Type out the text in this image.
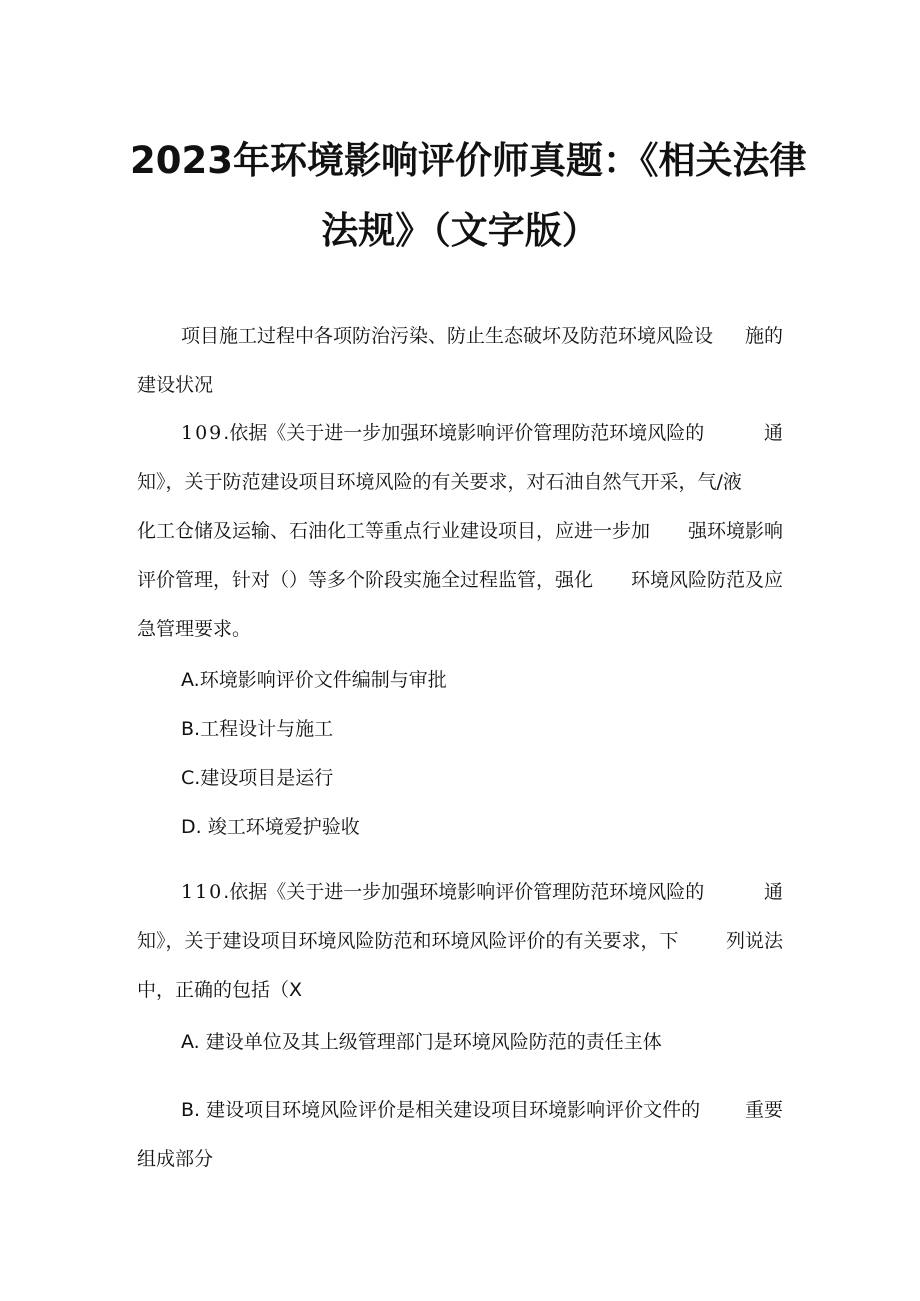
2023年环境影响评价师真题：《相关法律
法规》（文字版）
项目施工过程中各项防治污染、防止生态破坏及防范环境风险设 施的
建设状况
109.依据《关于进一步加强环境影响评价管理防范环境风险的	通
知》，关于防范建设项目环境风险的有关要求，对石油自然气开采，气/液
化工仓储及运输、石油化工等重点行业建设项目，应进一步加 强环境影响
评价管理，针对（）等多个阶段实施全过程监管，强化 环境风险防范及应
急管理要求。
A.环境影响评价文件编制与审批
B.工程设计与施工
C.建设项目是运行
D. 竣工环境爱护验收
110.依据《关于进一步加强环境影响评价管理防范环境风险的	通
知》，关于建设项目环境风险防范和环境风险评价的有关要求，下 列说法
中，正确的包括（X
A. 建设单位及其上级管理部门是环境风险防范的责任主体
B. 建设项目环境风险评价是相关建设项目环境影响评价文件的 重要
组成部分
